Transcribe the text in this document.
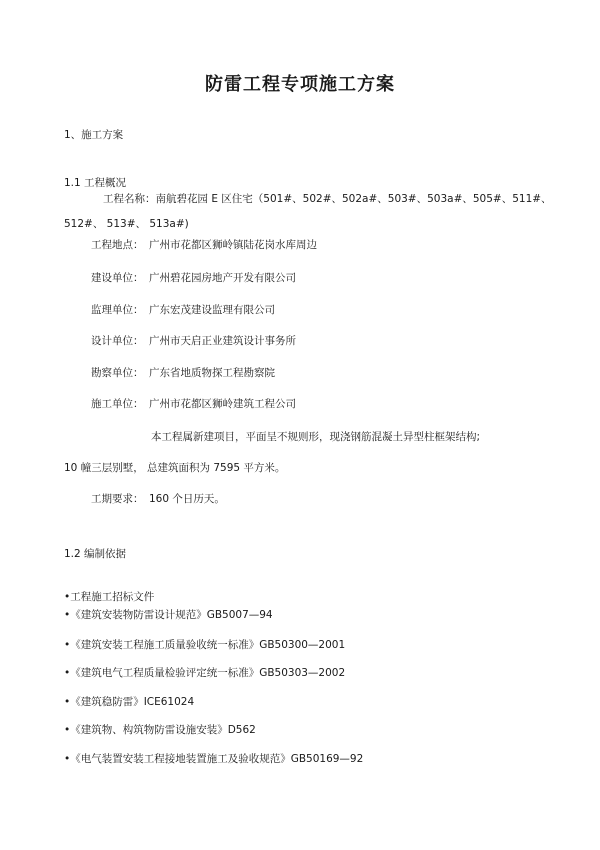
防雷工程专项施工方案
1、施工方案
1.1 工程概况
工程名称：南航碧花园 E 区住宅（501#、502#、502a#、503#、503a#、505#、511#、
512#、 513#、 513a#)
工程地点： 广州市花都区狮岭镇陆花岗水库周边
建设单位： 广州碧花园房地产开发有限公司
监理单位： 广东宏茂建设监理有限公司
设计单位： 广州市天启正业建筑设计事务所
勘察单位： 广东省地质物探工程勘察院
施工单位： 广州市花都区狮岭建筑工程公司
本工程属新建项目，平面呈不规则形，现浇钢筋混凝土异型柱框架结构;
10 幢三层别墅， 总建筑面积为 7595 平方米。
工期要求： 160 个日历天。
1.2 编制依据
•工程施工招标文件
•《建筑安装物防雷设计规范》GB5007—94
•《建筑安装工程施工质量验收统一标准》GB50300—2001
•《建筑电气工程质量检验评定统一标准》GB50303—2002
•《建筑稳防雷》ICE61024
•《建筑物、构筑物防雷设施安装》D562
•《电气装置安装工程接地装置施工及验收规范》GB50169—92
